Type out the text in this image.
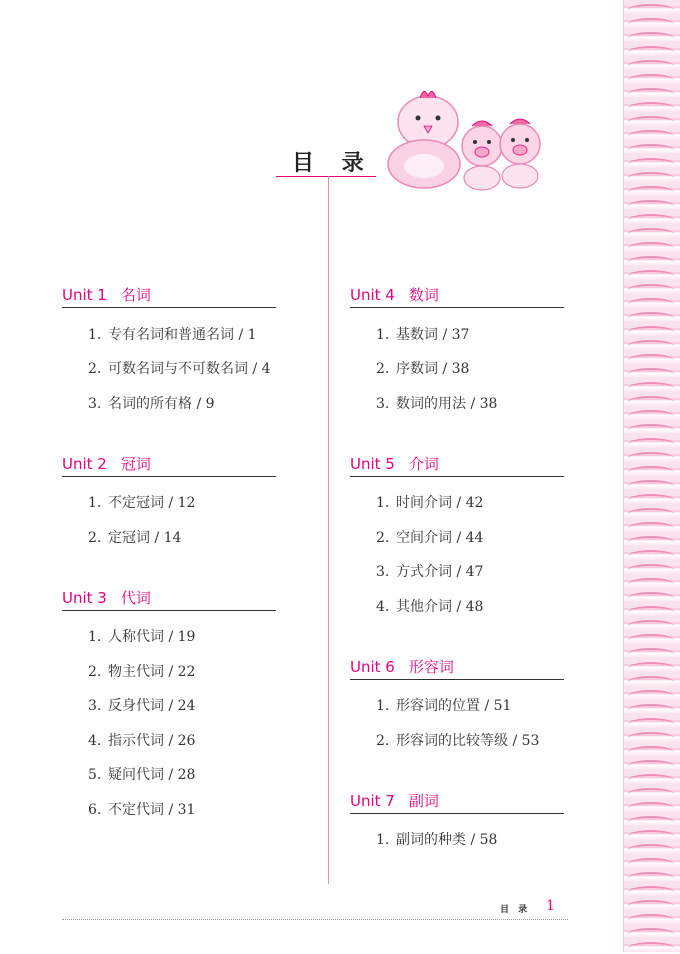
目 录
Unit 1 名词
1. 专有名词和普通名词 / 1
2. 可数名词与不可数名词 / 4
3. 名词的所有格 / 9
Unit 2 冠词
1. 不定冠词 / 12
2. 定冠词 / 14
Unit 3 代词
1. 人称代词 / 19
2. 物主代词 / 22
3. 反身代词 / 24
4. 指示代词 / 26
5. 疑问代词 / 28
6. 不定代词 / 31
Unit 4 数词
1. 基数词 / 37
2. 序数词 / 38
3. 数词的用法 / 38
Unit 5 介词
1. 时间介词 / 42
2. 空间介词 / 44
3. 方式介词 / 47
4. 其他介词 / 48
Unit 6 形容词
1. 形容词的位置 / 51
2. 形容词的比较等级 / 53
Unit 7 副词
1. 副词的种类 / 58
目 录 1
